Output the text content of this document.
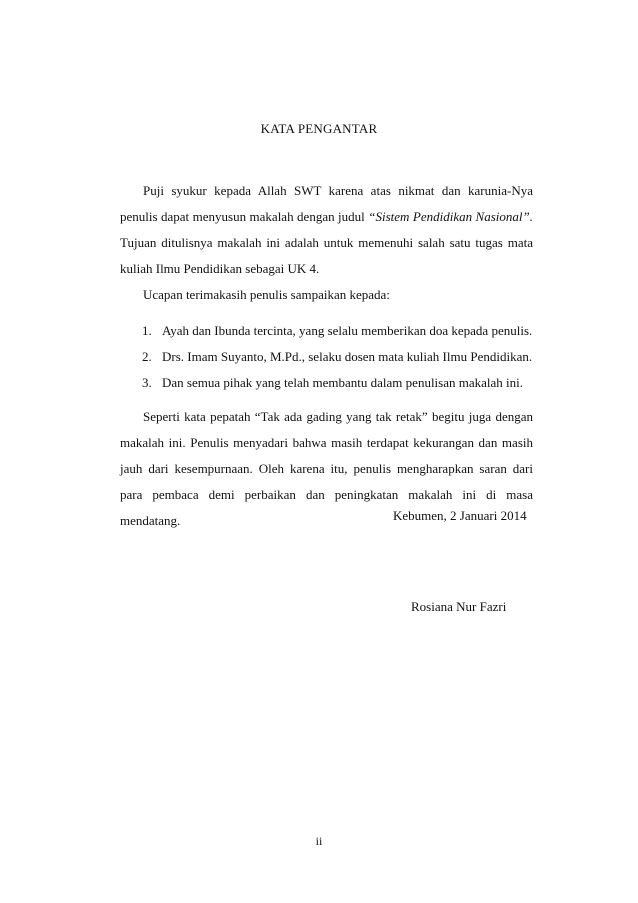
KATA PENGANTAR

Puji syukur kepada Allah SWT karena atas nikmat dan karunia-Nya penulis dapat menyusun makalah dengan judul “Sistem Pendidikan Nasional”. Tujuan ditulisnya makalah ini adalah untuk memenuhi salah satu tugas mata kuliah Ilmu Pendidikan sebagai UK 4.

Ucapan terimakasih penulis sampaikan kepada:

1. Ayah dan Ibunda tercinta, yang selalu memberikan doa kepada penulis.
2. Drs. Imam Suyanto, M.Pd., selaku dosen mata kuliah Ilmu Pendidikan.
3. Dan semua pihak yang telah membantu dalam penulisan makalah ini.

Seperti kata pepatah “Tak ada gading yang tak retak” begitu juga dengan makalah ini. Penulis menyadari bahwa masih terdapat kekurangan dan masih jauh dari kesempurnaan. Oleh karena itu, penulis mengharapkan saran dari para pembaca demi perbaikan dan peningkatan makalah ini di masa mendatang.	Kebumen, 2 Januari 2014
Rosiana Nur Fazri
ii
